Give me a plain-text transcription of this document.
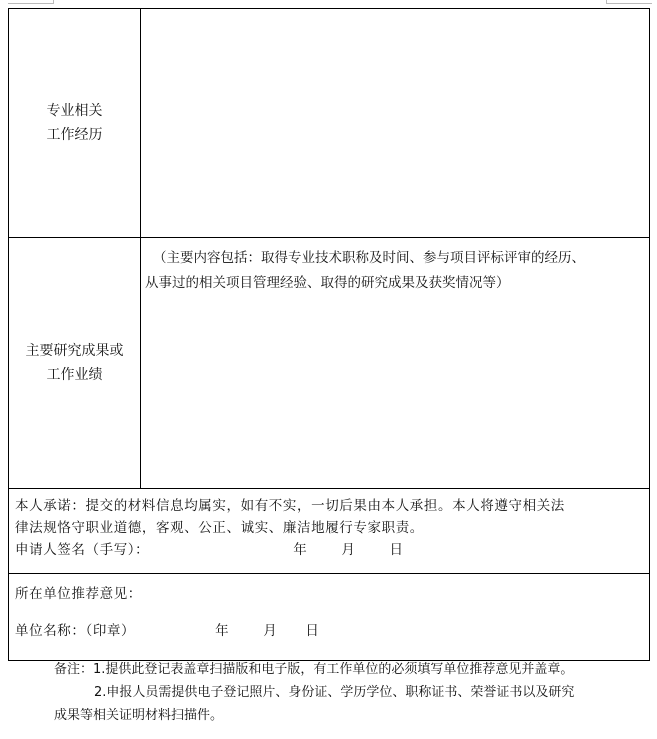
专业相关
工作经历
主要研究成果或
工作业绩

（主要内容包括：取得专业技术职称及时间、参与项目评标评审的经历、

从事过的相关项目管理经验、取得的研究成果及获奖情况等）

本人承诺：提交的材料信息均属实，如有不实，一切后果由本人承担。本人将遵守相关法

律法规恪守职业道德，客观、公正、诚实、廉洁地履行专家职责。

申请人签名（手写）：	年	月	日

所在单位推荐意见：

单位名称：（印章）	年	月 日

备注：1.提供此登记表盖章扫描版和电子版，有工作单位的必须填写单位推荐意见并盖章。

2.申报人员需提供电子登记照片、身份证、学历学位、职称证书、荣誉证书以及研究

成果等相关证明材料扫描件。
